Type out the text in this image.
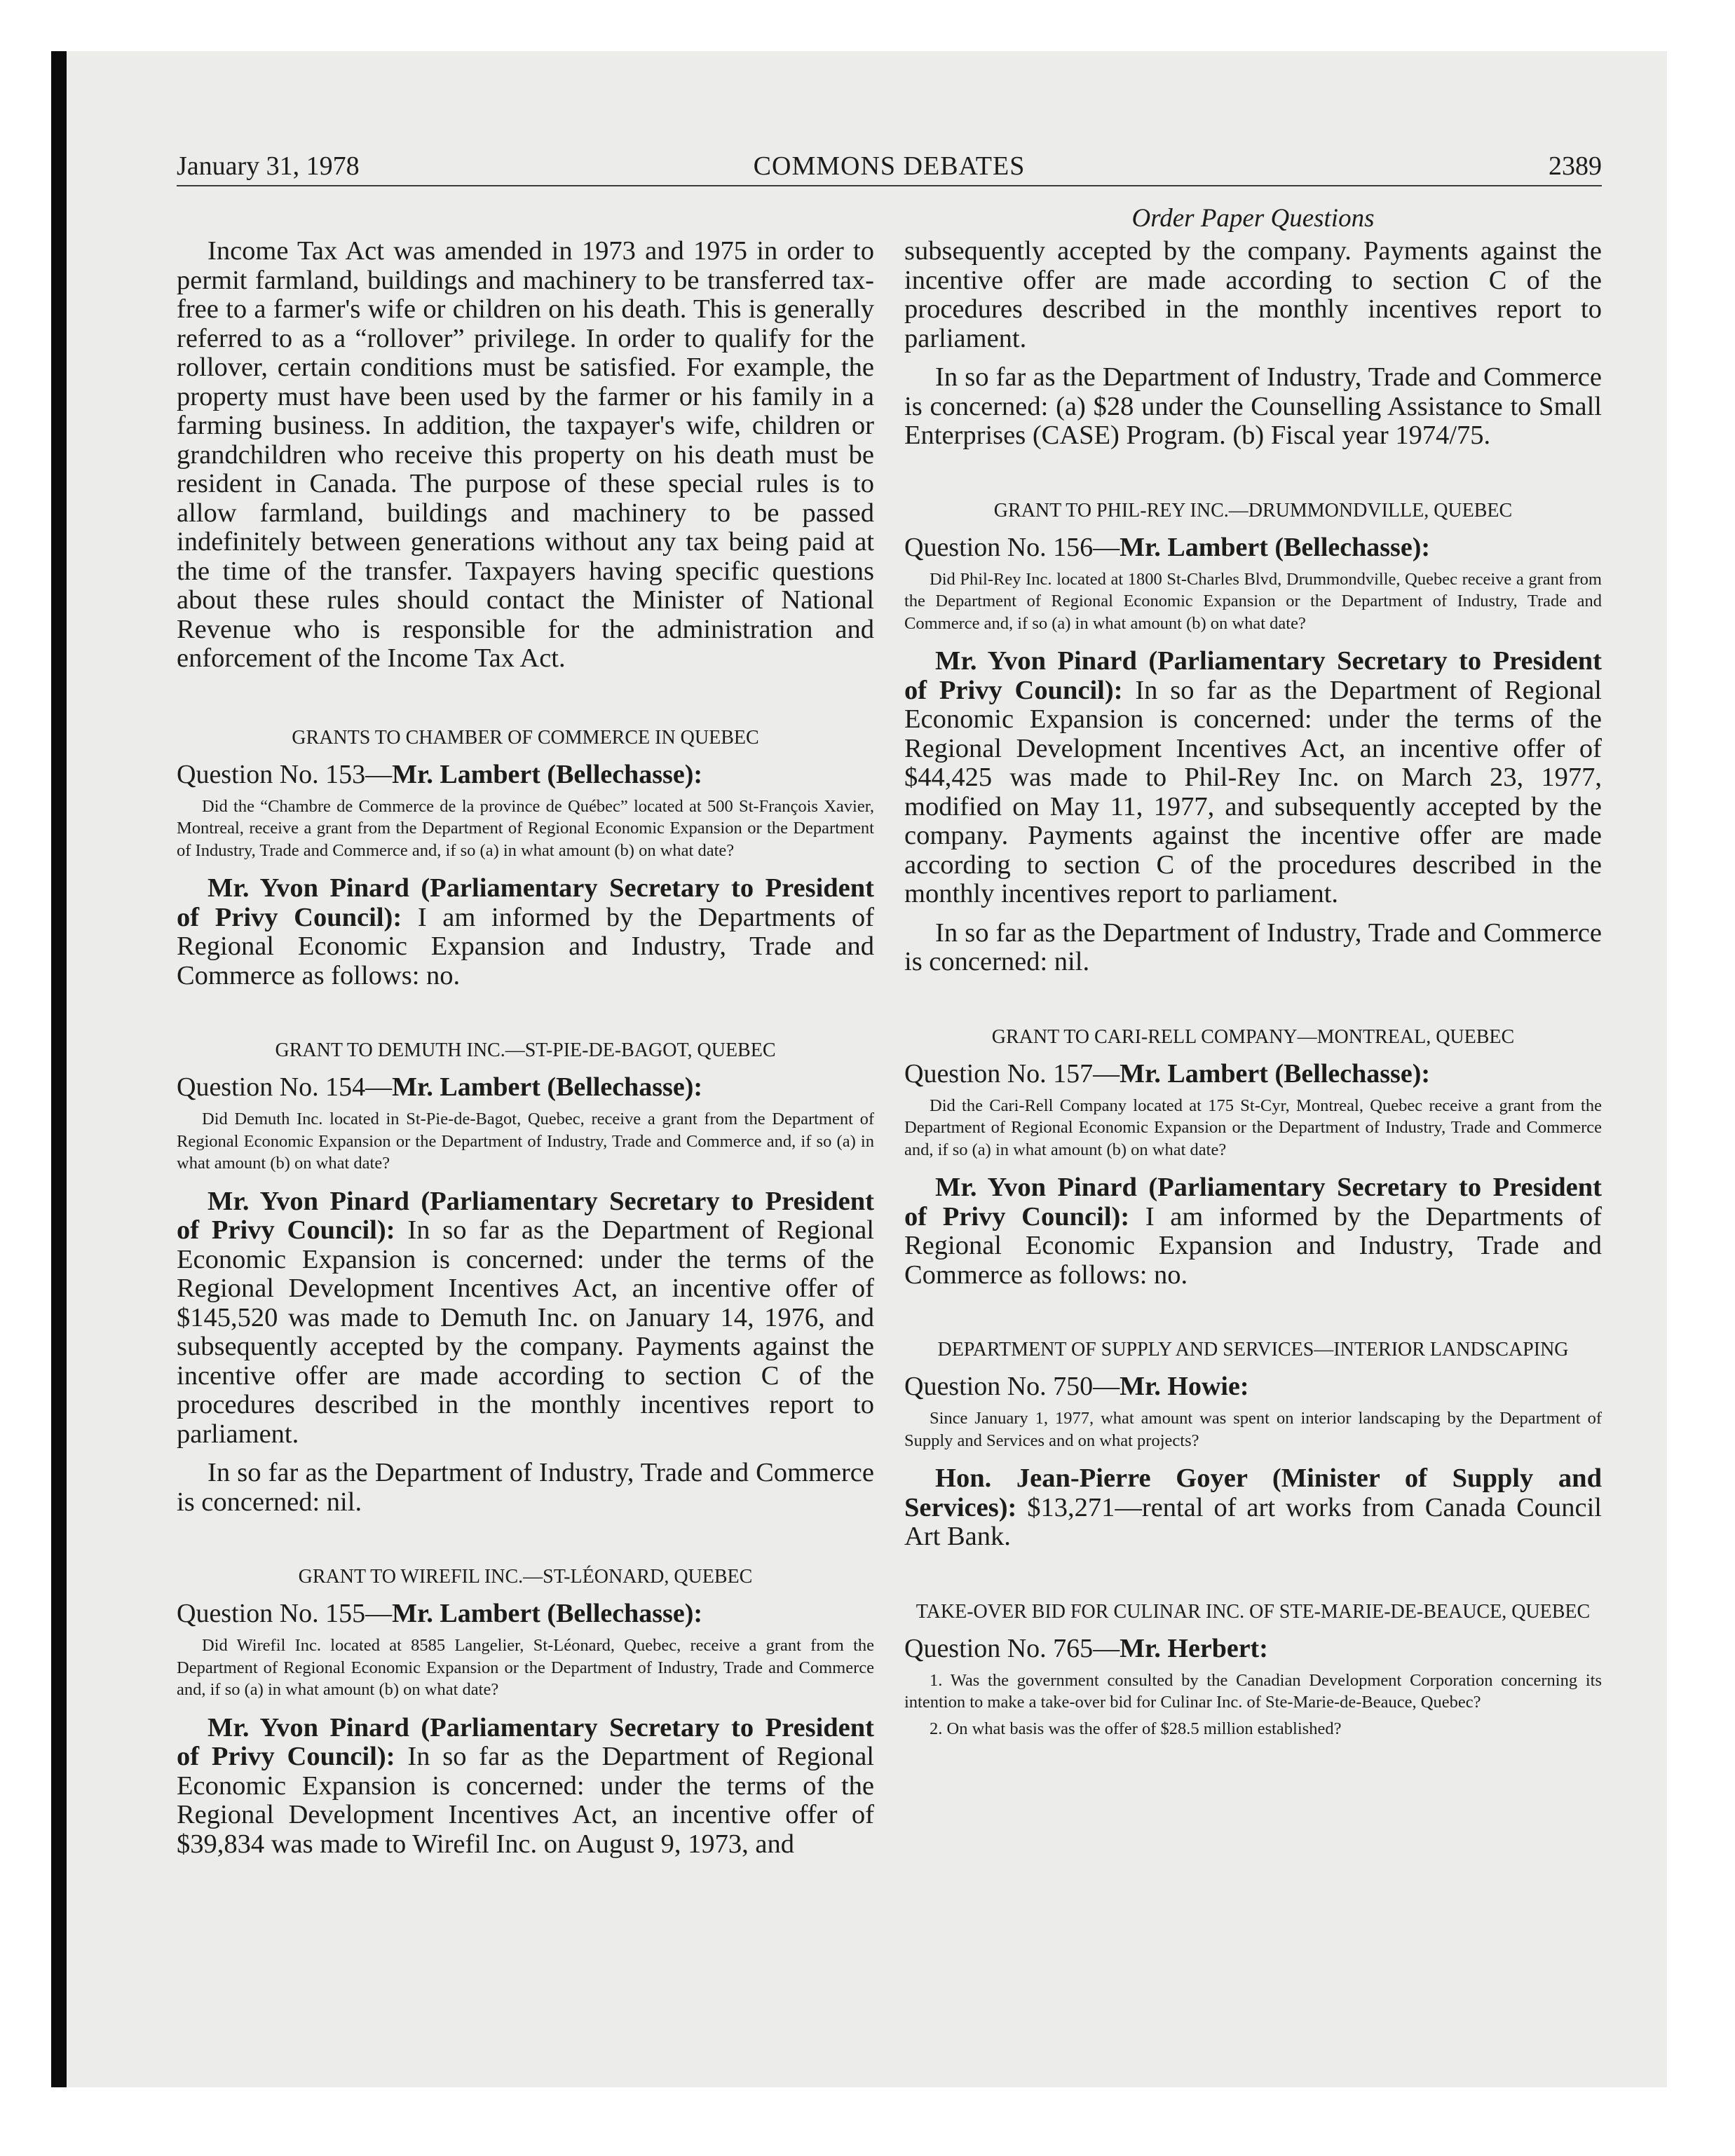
January 31, 1978	COMMONS DEBATES	2389
Order Paper Questions

Income Tax Act was amended in 1973 and 1975 in order to permit farmland, buildings and machinery to be transferred tax-free to a farmer's wife or children on his death. This is generally referred to as a “rollover” privilege. In order to qualify for the rollover, certain conditions must be satisfied. For example, the property must have been used by the farmer or his family in a farming business. In addition, the taxpayer's wife, children or grandchildren who receive this property on his death must be resident in Canada. The purpose of these special rules is to allow farmland, buildings and machinery to be passed indefinitely between generations without any tax being paid at the time of the transfer. Taxpayers having specific questions about these rules should contact the Minister of National Revenue who is responsible for the administration and enforcement of the Income Tax Act.

GRANTS TO CHAMBER OF COMMERCE IN QUEBEC

Question No. 153—Mr. Lambert (Bellechasse):

Did the “Chambre de Commerce de la province de Québec” located at 500 St-François Xavier, Montreal, receive a grant from the Department of Regional Economic Expansion or the Department of Industry, Trade and Commerce and, if so (a) in what amount (b) on what date?

Mr. Yvon Pinard (Parliamentary Secretary to President of Privy Council): I am informed by the Departments of Regional Economic Expansion and Industry, Trade and Commerce as follows: no.

GRANT TO DEMUTH INC.—ST-PIE-DE-BAGOT, QUEBEC

Question No. 154—Mr. Lambert (Bellechasse):

Did Demuth Inc. located in St-Pie-de-Bagot, Quebec, receive a grant from the Department of Regional Economic Expansion or the Department of Industry, Trade and Commerce and, if so (a) in what amount (b) on what date?

Mr. Yvon Pinard (Parliamentary Secretary to President of Privy Council): In so far as the Department of Regional Economic Expansion is concerned: under the terms of the Regional Development Incentives Act, an incentive offer of $145,520 was made to Demuth Inc. on January 14, 1976, and subsequently accepted by the company. Payments against the incentive offer are made according to section C of the procedures described in the monthly incentives report to parliament.

In so far as the Department of Industry, Trade and Commerce is concerned: nil.

GRANT TO WIREFIL INC.—ST-LÉONARD, QUEBEC

Question No. 155—Mr. Lambert (Bellechasse):

Did Wirefil Inc. located at 8585 Langelier, St-Léonard, Quebec, receive a grant from the Department of Regional Economic Expansion or the Department of Industry, Trade and Commerce and, if so (a) in what amount (b) on what date?

Mr. Yvon Pinard (Parliamentary Secretary to President of Privy Council): In so far as the Department of Regional Economic Expansion is concerned: under the terms of the Regional Development Incentives Act, an incentive offer of $39,834 was made to Wirefil Inc. on August 9, 1973, and

subsequently accepted by the company. Payments against the incentive offer are made according to section C of the procedures described in the monthly incentives report to parliament.

In so far as the Department of Industry, Trade and Commerce is concerned: (a) $28 under the Counselling Assistance to Small Enterprises (CASE) Program. (b) Fiscal year 1974/75.

GRANT TO PHIL-REY INC.—DRUMMONDVILLE, QUEBEC

Question No. 156—Mr. Lambert (Bellechasse):

Did Phil-Rey Inc. located at 1800 St-Charles Blvd, Drummondville, Quebec receive a grant from the Department of Regional Economic Expansion or the Department of Industry, Trade and Commerce and, if so (a) in what amount (b) on what date?

Mr. Yvon Pinard (Parliamentary Secretary to President of Privy Council): In so far as the Department of Regional Economic Expansion is concerned: under the terms of the Regional Development Incentives Act, an incentive offer of $44,425 was made to Phil-Rey Inc. on March 23, 1977, modified on May 11, 1977, and subsequently accepted by the company. Payments against the incentive offer are made according to section C of the procedures described in the monthly incentives report to parliament.

In so far as the Department of Industry, Trade and Commerce is concerned: nil.

GRANT TO CARI-RELL COMPANY—MONTREAL, QUEBEC

Question No. 157—Mr. Lambert (Bellechasse):

Did the Cari-Rell Company located at 175 St-Cyr, Montreal, Quebec receive a grant from the Department of Regional Economic Expansion or the Department of Industry, Trade and Commerce and, if so (a) in what amount (b) on what date?

Mr. Yvon Pinard (Parliamentary Secretary to President of Privy Council): I am informed by the Departments of Regional Economic Expansion and Industry, Trade and Commerce as follows: no.

DEPARTMENT OF SUPPLY AND SERVICES—INTERIOR LANDSCAPING

Question No. 750—Mr. Howie:

Since January 1, 1977, what amount was spent on interior landscaping by the Department of Supply and Services and on what projects?

Hon. Jean-Pierre Goyer (Minister of Supply and Services): $13,271—rental of art works from Canada Council Art Bank.

TAKE-OVER BID FOR CULINAR INC. OF STE-MARIE-DE-BEAUCE, QUEBEC

Question No. 765—Mr. Herbert:

1. Was the government consulted by the Canadian Development Corporation concerning its intention to make a take-over bid for Culinar Inc. of Ste-Marie-de-Beauce, Quebec?

2. On what basis was the offer of $28.5 million established?
